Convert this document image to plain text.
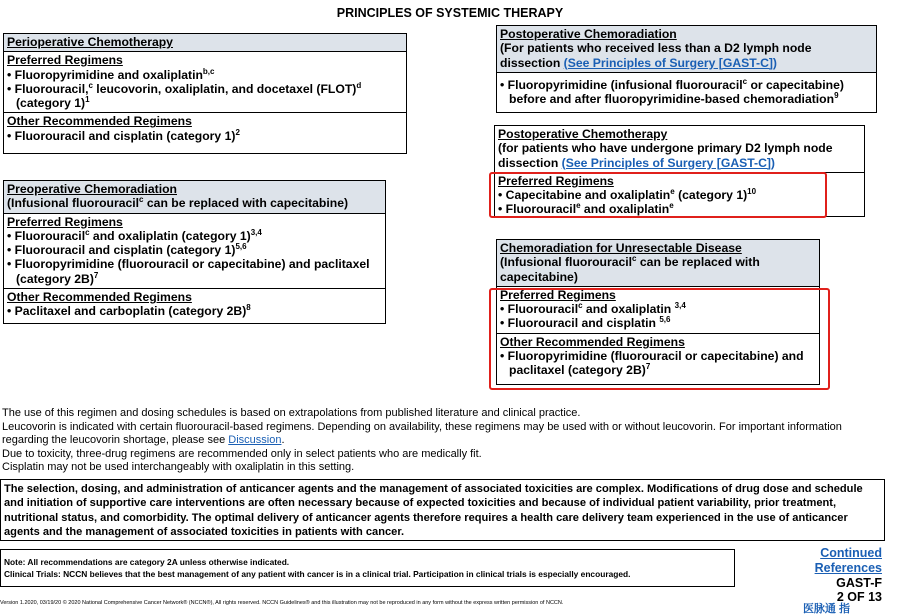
PRINCIPLES OF SYSTEMIC THERAPY
Perioperative Chemotherapy
Preferred Regimens
• Fluoropyrimidine and oxaliplatin$^{b,c}$
• Fluorouracil,$^c$ leucovorin, oxaliplatin, and docetaxel (FLOT)$^d$
(category 1)$^1$
Other Recommended Regimens
• Fluorouracil and cisplatin (category 1)$^2$
Preoperative Chemoradiation
(Infusional fluorouracil$^c$ can be replaced with capecitabine)
Preferred Regimens
• Fluorouracil$^c$ and oxaliplatin (category 1)$^{3,4}$
• Fluorouracil and cisplatin (category 1)$^{5,6}$
• Fluoropyrimidine (fluorouracil or capecitabine) and paclitaxel (category 2B)$^7$
Other Recommended Regimens
• Paclitaxel and carboplatin (category 2B)$^8$
Postoperative Chemoradiation
(For patients who received less than a D2 lymph node dissection (See Principles of Surgery [GAST-C])
• Fluoropyrimidine (infusional fluorouracil$^c$ or capecitabine) before and after fluoropyrimidine-based chemoradiation$^9$
Postoperative Chemotherapy
(for patients who have undergone primary D2 lymph node dissection (See Principles of Surgery [GAST-C])
Preferred Regimens
• Capecitabine and oxaliplatin$^e$ (category 1)$^{10}$
• Fluorouracil$^e$ and oxaliplatin$^e$
Chemoradiation for Unresectable Disease
(Infusional fluorouracil$^c$ can be replaced with capecitabine)
Preferred Regimens
• Fluorouracil$^c$ and oxaliplatin $^{3,4}$
• Fluorouracil and cisplatin $^{5,6}$
Other Recommended Regimens
• Fluoropyrimidine (fluorouracil or capecitabine) and paclitaxel (category 2B)$^7$
The use of this regimen and dosing schedules is based on extrapolations from published literature and clinical practice.
Leucovorin is indicated with certain fluorouracil-based regimens. Depending on availability, these regimens may be used with or without leucovorin. For important information regarding the leucovorin shortage, please see Discussion.
Due to toxicity, three-drug regimens are recommended only in select patients who are medically fit.
Cisplatin may not be used interchangeably with oxaliplatin in this setting.
The selection, dosing, and administration of anticancer agents and the management of associated toxicities are complex. Modifications of drug dose and schedule and initiation of supportive care interventions are often necessary because of expected toxicities and because of individual patient variability, prior treatment, nutritional status, and comorbidity. The optimal delivery of anticancer agents therefore requires a health care delivery team experienced in the use of anticancer agents and the management of associated toxicities in patients with cancer.
Note: All recommendations are category 2A unless otherwise indicated.
Clinical Trials: NCCN believes that the best management of any patient with cancer is in a clinical trial. Participation in clinical trials is especially encouraged.
Continued
References
GAST-F
2 OF 13
Version 1.2020, 03/19/20 © 2020 National Comprehensive Cancer Network® (NCCN®), All rights reserved. NCCN Guidelines® and this illustration may not be reproduced in any form without the express written permission of NCCN.	医脉通 指
